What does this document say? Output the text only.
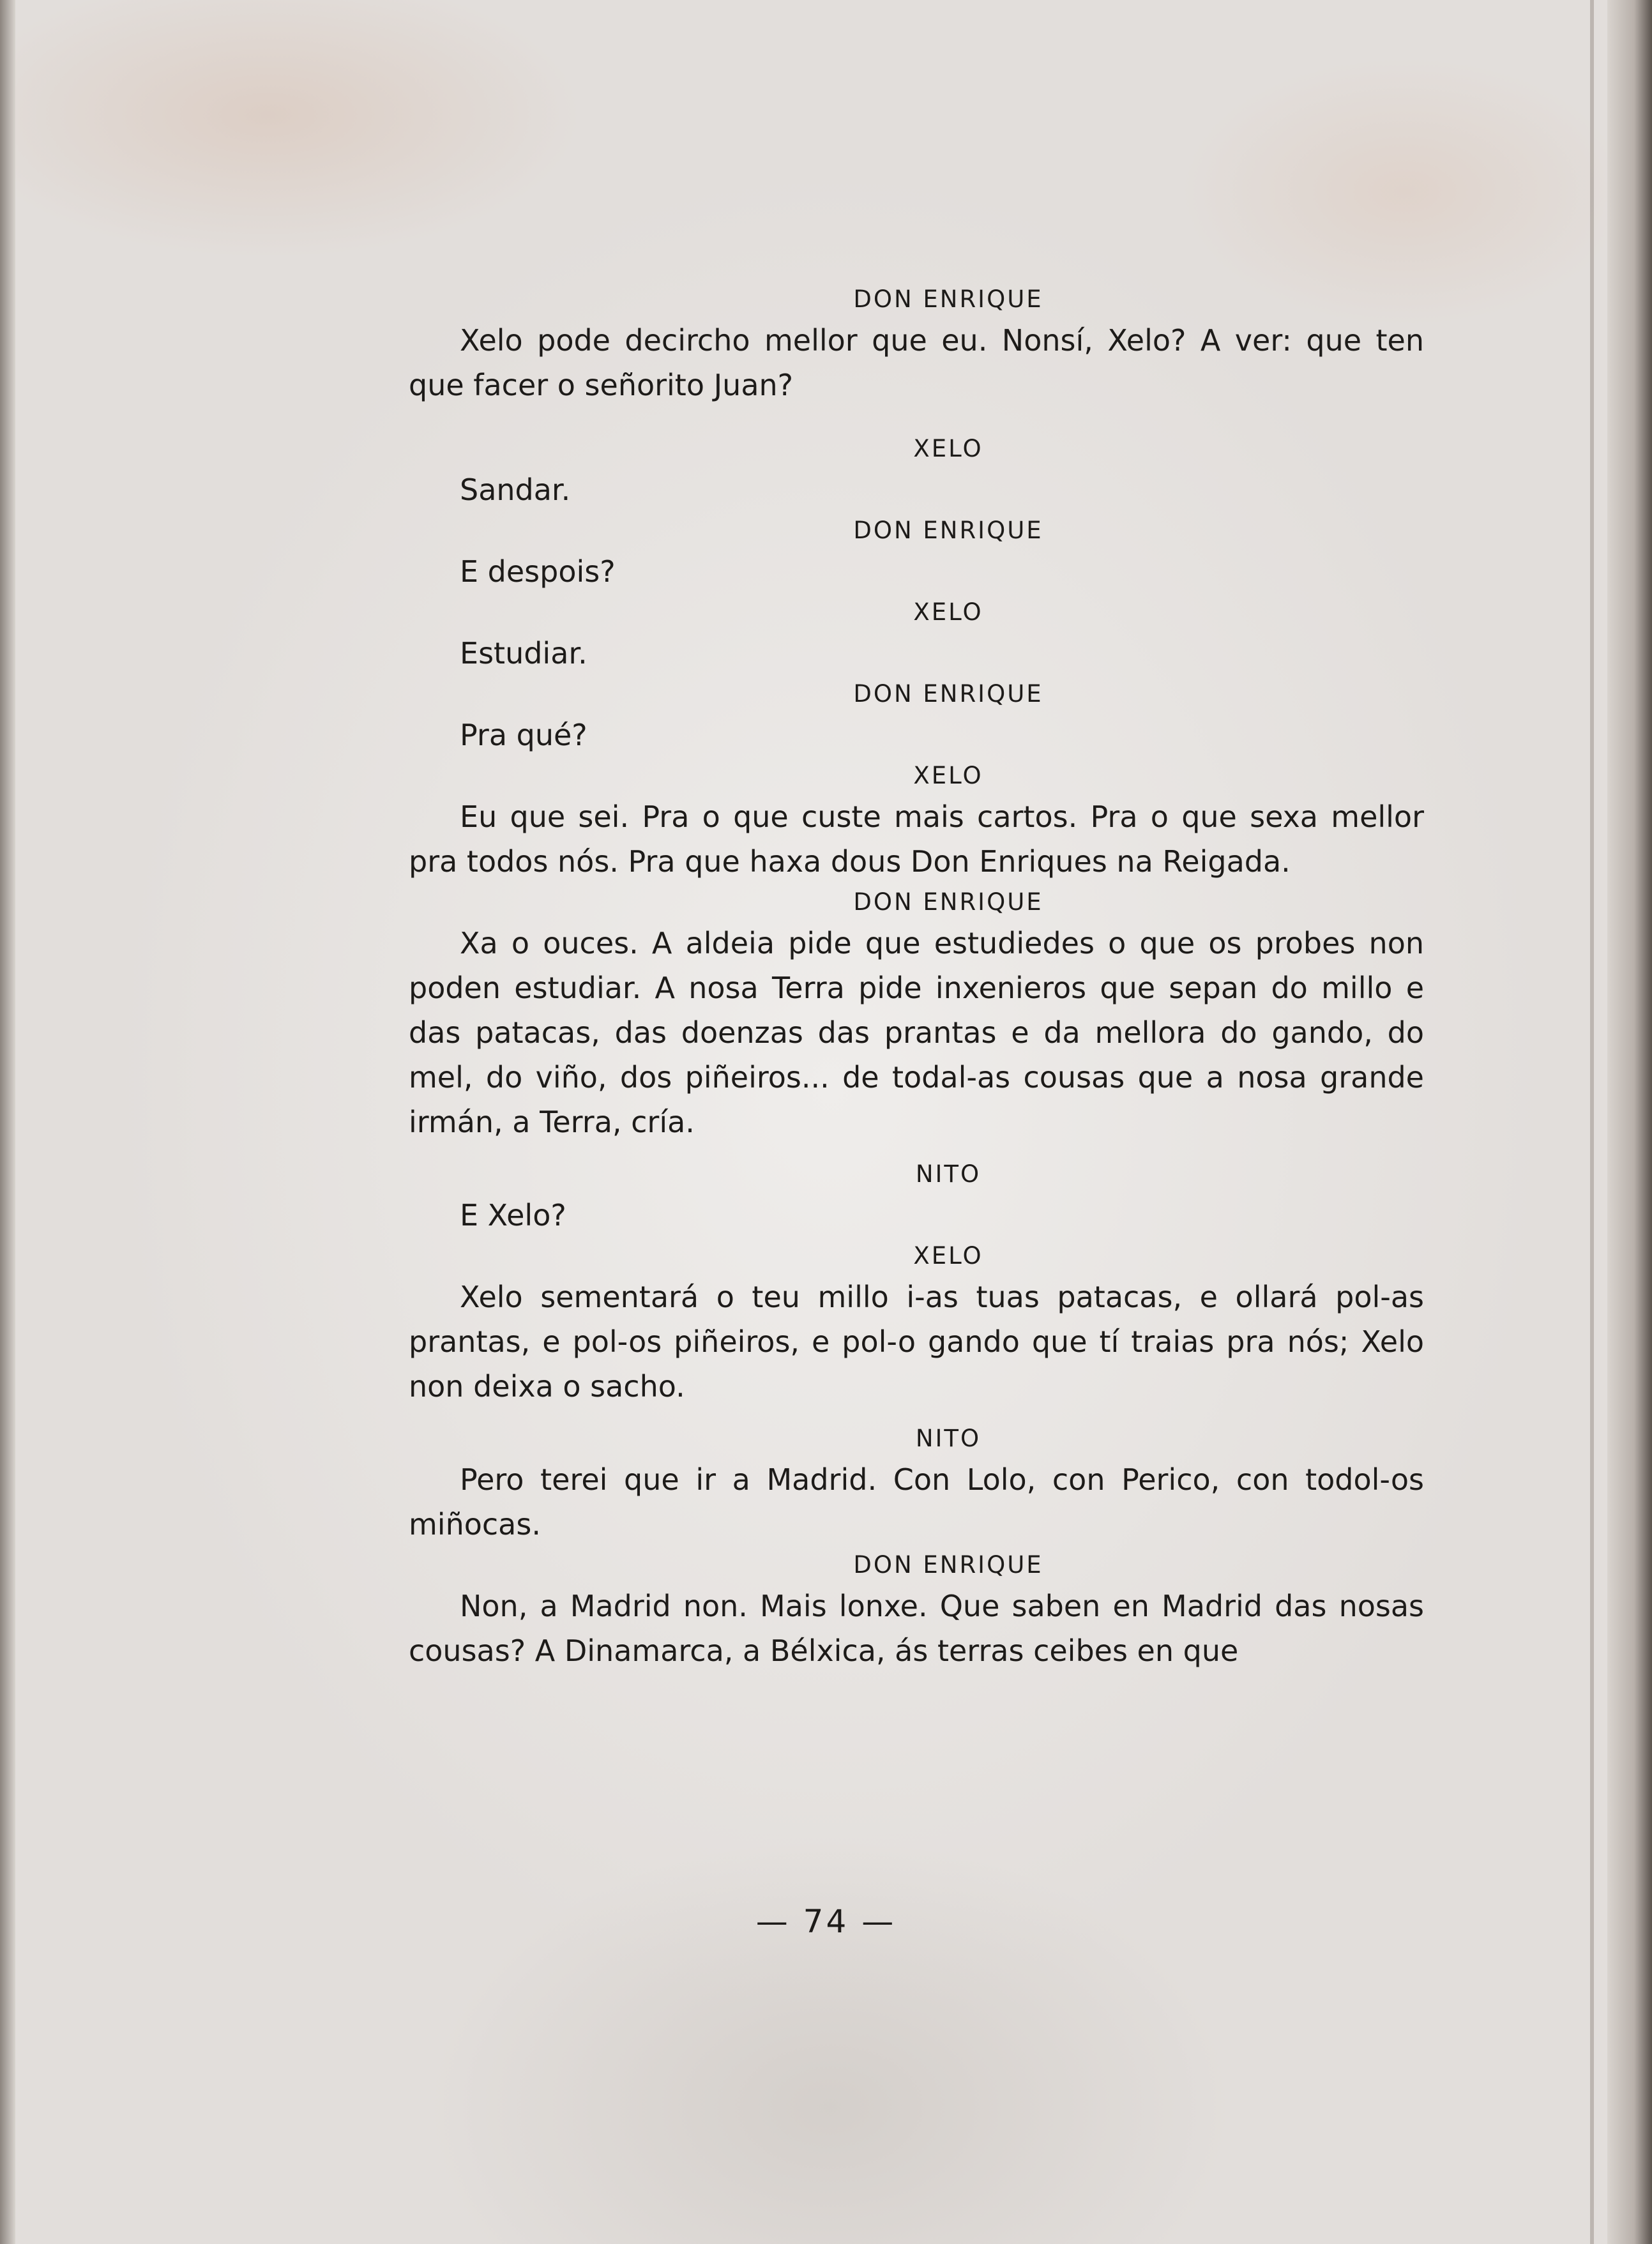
DON ENRIQUE

Xelo pode decircho mellor que eu. Nonsí, Xelo? A ver: que ten que facer o señorito Juan?

XELO

Sandar.

DON ENRIQUE

E despois?

XELO

Estudiar.

DON ENRIQUE

Pra qué?

XELO

Eu que sei. Pra o que custe mais cartos. Pra o que sexa mellor pra todos nós. Pra que haxa dous Don Enriques na Reigada.

DON ENRIQUE

Xa o ouces. A aldeia pide que estudiedes o que os probes non poden estudiar. A nosa Terra pide inxenieros que sepan do millo e das patacas, das doenzas das prantas e da mellora do gando, do mel, do viño, dos piñeiros... de todal-as cousas que a nosa grande irmán, a Terra, cría.

NITO

E Xelo?

XELO

Xelo sementará o teu millo i-as tuas patacas, e ollará pol-as prantas, e pol-os piñeiros, e pol-o gando que tí traias pra nós; Xelo non deixa o sacho.

NITO

Pero terei que ir a Madrid. Con Lolo, con Perico, con todol-os miñocas.

DON ENRIQUE

Non, a Madrid non. Mais lonxe. Que saben en Madrid das nosas cousas? A Dinamarca, a Bélxica, ás terras ceibes en que

— 74 —
